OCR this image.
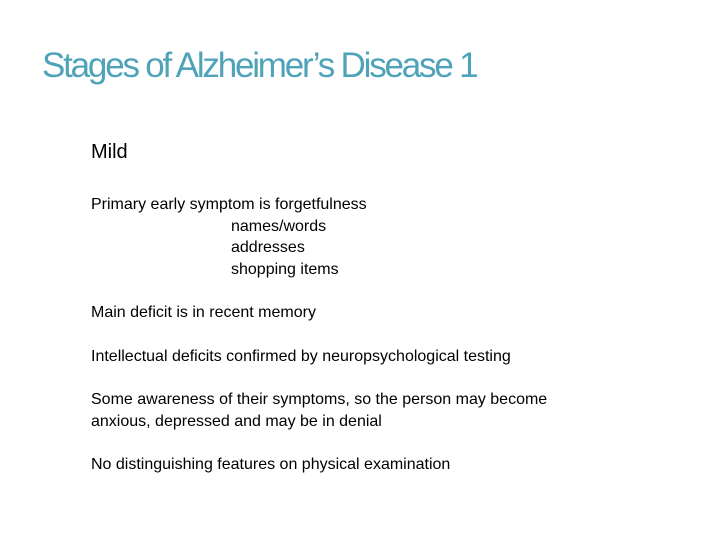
Stages of Alzheimer’s Disease 1
Mild
Primary early symptom is forgetfulness
names/words
addresses
shopping items
Main deficit is in recent memory
Intellectual deficits confirmed by neuropsychological testing
Some awareness of their symptoms, so the person may become anxious, depressed and may be in denial
No distinguishing features on physical examination
